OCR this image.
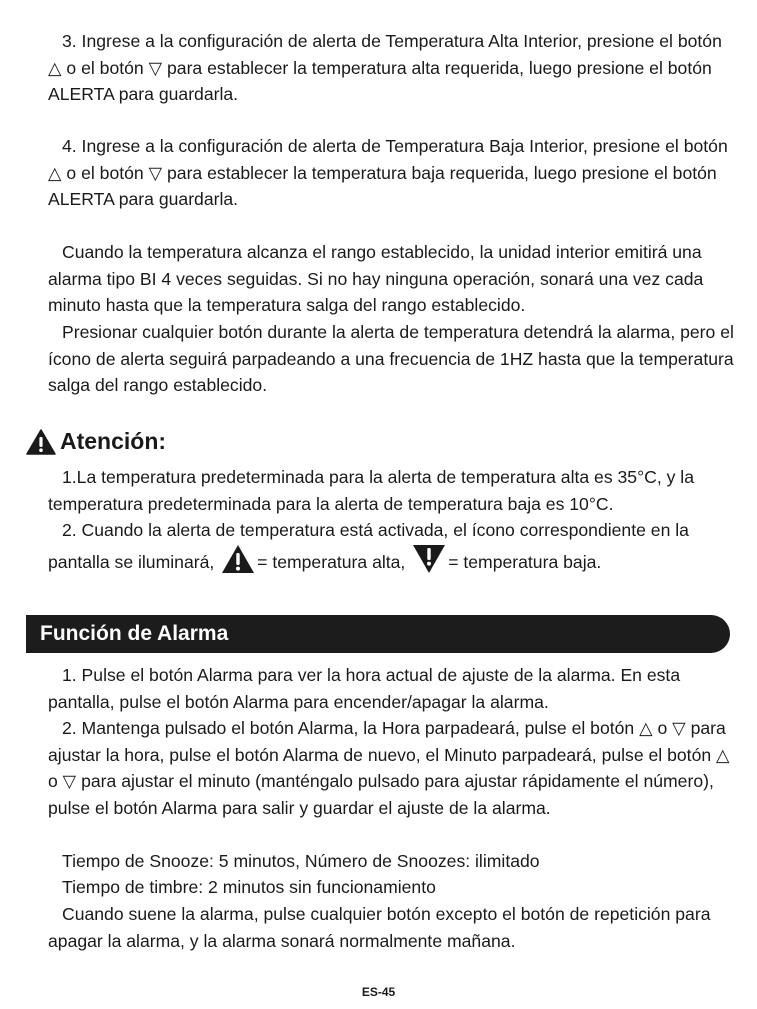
3. Ingrese a la configuración de alerta de Temperatura Alta Interior, presione el botón △ o el botón ▽ para establecer la temperatura alta requerida, luego presione el botón ALERTA para guardarla.

4. Ingrese a la configuración de alerta de Temperatura Baja Interior, presione el botón △ o el botón ▽ para establecer la temperatura baja requerida, luego presione el botón ALERTA para guardarla.

Cuando la temperatura alcanza el rango establecido, la unidad interior emitirá una alarma tipo BI 4 veces seguidas. Si no hay ninguna operación, sonará una vez cada minuto hasta que la temperatura salga del rango establecido.

Presionar cualquier botón durante la alerta de temperatura detendrá la alarma, pero el ícono de alerta seguirá parpadeando a una frecuencia de 1HZ hasta que la temperatura salga del rango establecido.

Atención:

1.La temperatura predeterminada para la alerta de temperatura alta es 35°C, y la temperatura predeterminada para la alerta de temperatura baja es 10°C.

2. Cuando la alerta de temperatura está activada, el ícono correspondiente en la pantalla se iluminará, = temperatura alta, = temperatura baja.

Función de Alarma

1. Pulse el botón Alarma para ver la hora actual de ajuste de la alarma. En esta pantalla, pulse el botón Alarma para encender/apagar la alarma.

2. Mantenga pulsado el botón Alarma, la Hora parpadeará, pulse el botón △ o ▽ para ajustar la hora, pulse el botón Alarma de nuevo, el Minuto parpadeará, pulse el botón △ o ▽ para ajustar el minuto (manténgalo pulsado para ajustar rápidamente el número), pulse el botón Alarma para salir y guardar el ajuste de la alarma.

Tiempo de Snooze: 5 minutos, Número de Snoozes: ilimitado

Tiempo de timbre: 2 minutos sin funcionamiento

Cuando suene la alarma, pulse cualquier botón excepto el botón de repetición para apagar la alarma, y la alarma sonará normalmente mañana.

ES-45
